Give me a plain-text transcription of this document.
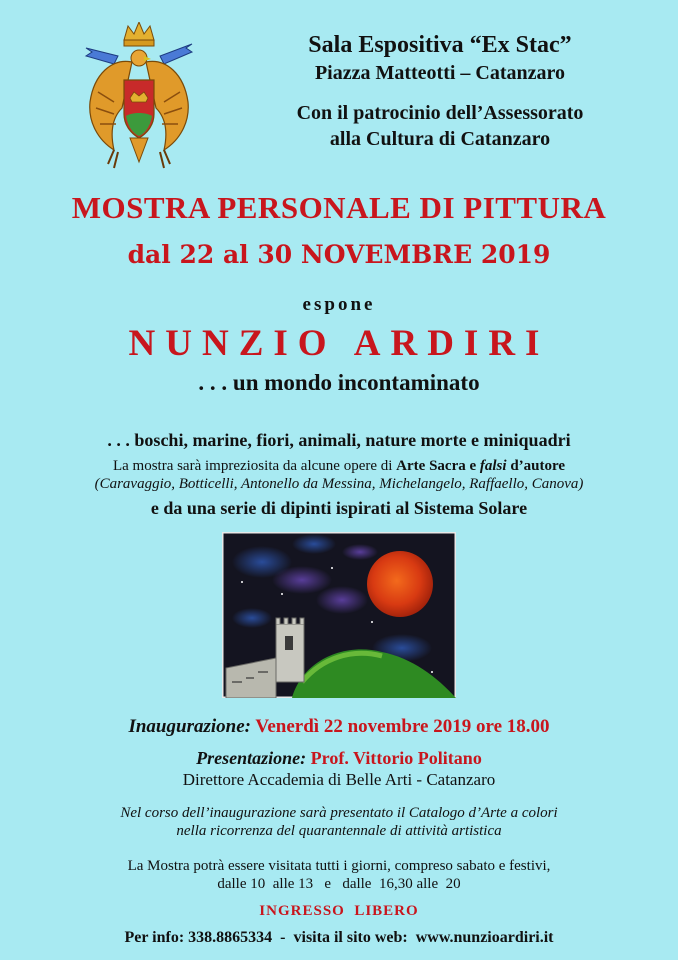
Sala Espositiva “Ex Stac”
Piazza Matteotti – Catanzaro
Con il patrocinio dell’Assessorato
alla Cultura di Catanzaro
MOSTRA PERSONALE DI PITTURA
dal 22 al 30 NOVEMBRE 2019
espone
NUNZIO ARDIRI
. . . un mondo incontaminato
. . . boschi, marine, fiori, animali, nature morte e miniquadri
La mostra sarà impreziosita da alcune opere di Arte Sacra e falsi d’autore
(Caravaggio, Botticelli, Antonello da Messina, Michelangelo, Raffaello, Canova)
e da una serie di dipinti ispirati al Sistema Solare
Inaugurazione: Venerdì 22 novembre 2019 ore 18.00
Presentazione: Prof. Vittorio Politano
Direttore Accademia di Belle Arti - Catanzaro
Nel corso dell’inaugurazione sarà presentato il Catalogo d’Arte a colori
nella ricorrenza del quarantennale di attività artistica
La Mostra potrà essere visitata tutti i giorni, compreso sabato e festivi,
dalle 10  alle 13   e   dalle  16,30 alle  20
INGRESSO  LIBERO
Per info: 338.8865334  -  visita il sito web:  www.nunzioardiri.it
